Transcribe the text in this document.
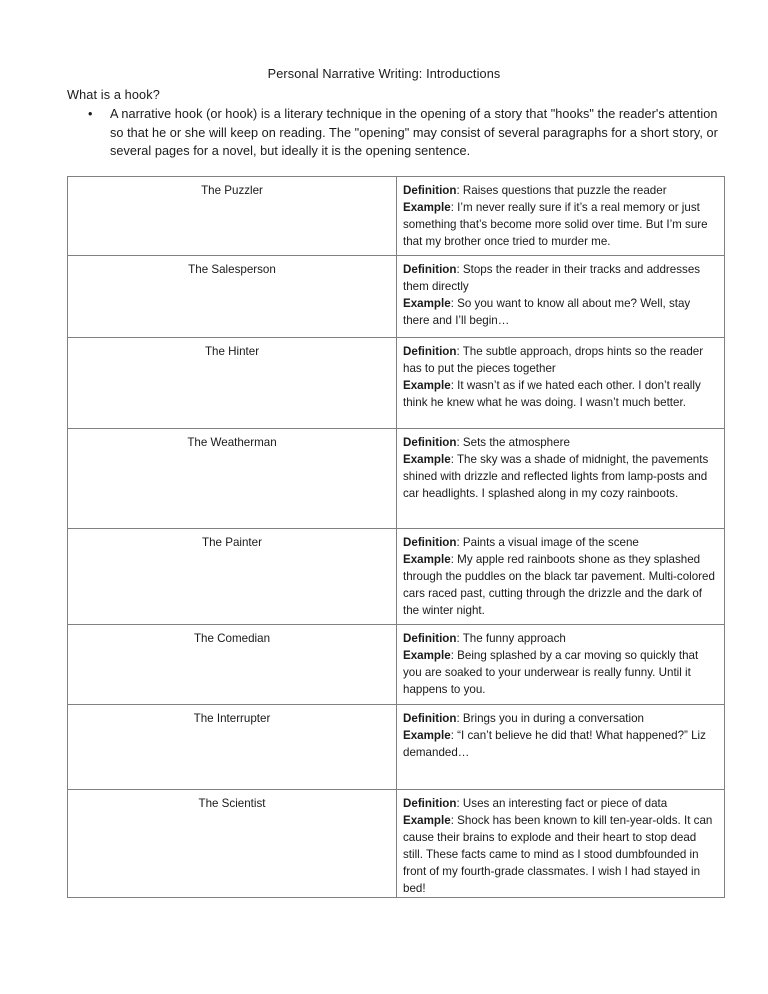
Personal Narrative Writing: Introductions
What is a hook?
•	A narrative hook (or hook) is a literary technique in the opening of a story that "hooks" the reader's attention so that he or she will keep on reading. The "opening" may consist of several paragraphs for a short story, or several pages for a novel, but ideally it is the opening sentence.
The Puzzler	Definition: Raises questions that puzzle the reader
Example: I’m never really sure if it’s a real memory or just something that’s become more solid over time. But I’m sure that my brother once tried to murder me.

The Salesperson	Definition: Stops the reader in their tracks and addresses them directly
Example: So you want to know all about me? Well, stay there and I’ll begin…

The Hinter	Definition: The subtle approach, drops hints so the reader has to put the pieces together
Example: It wasn’t as if we hated each other. I don’t really think he knew what he was doing. I wasn’t much better.

The Weatherman	Definition: Sets the atmosphere
Example: The sky was a shade of midnight, the pavements shined with drizzle and reflected lights from lamp-posts and car headlights. I splashed along in my cozy rainboots.

The Painter	Definition: Paints a visual image of the scene
Example: My apple red rainboots shone as they splashed through the puddles on the black tar pavement. Multi-colored cars raced past, cutting through the drizzle and the dark of the winter night.

The Comedian	Definition: The funny approach
Example: Being splashed by a car moving so quickly that you are soaked to your underwear is really funny. Until it happens to you.

The Interrupter	Definition: Brings you in during a conversation
Example: “I can’t believe he did that! What happened?” Liz demanded…

The Scientist	Definition: Uses an interesting fact or piece of data
Example: Shock has been known to kill ten-year-olds. It can cause their brains to explode and their heart to stop dead still. These facts came to mind as I stood dumbfounded in front of my fourth-grade classmates. I wish I had stayed in bed!
